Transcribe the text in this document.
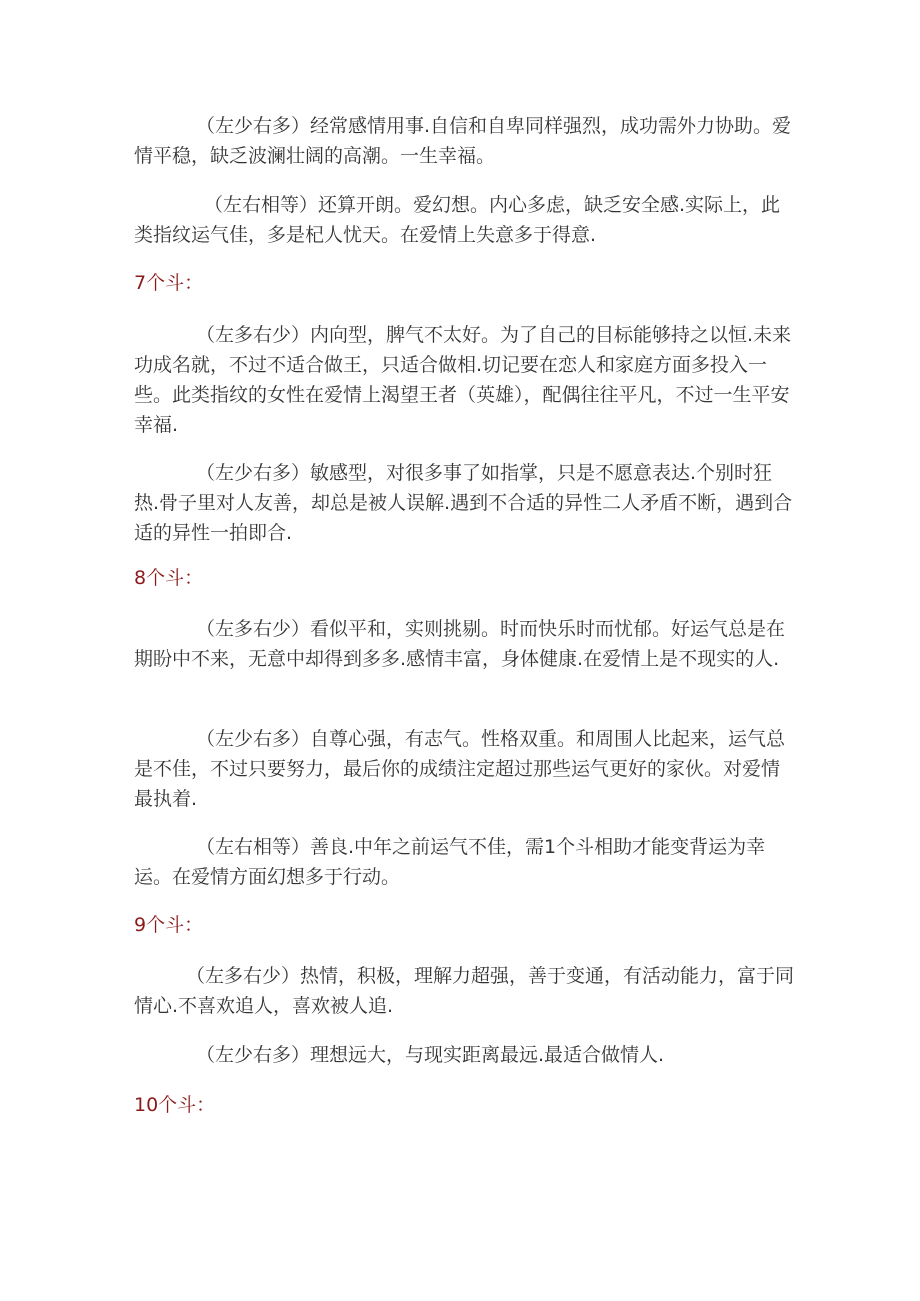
（左少右多）经常感情用事.自信和自卑同样强烈，成功需外力协助。爱情平稳，缺乏波澜壮阔的高潮。一生幸福。

（左右相等）还算开朗。爱幻想。内心多虑，缺乏安全感.实际上，此类指纹运气佳，多是杞人忧天。在爱情上失意多于得意.

7个斗：

（左多右少）内向型，脾气不太好。为了自己的目标能够持之以恒.未来功成名就，不过不适合做王，只适合做相.切记要在恋人和家庭方面多投入一些。此类指纹的女性在爱情上渴望王者（英雄），配偶往往平凡，不过一生平安幸福.

（左少右多）敏感型，对很多事了如指掌，只是不愿意表达.个别时狂热.骨子里对人友善，却总是被人误解.遇到不合适的异性二人矛盾不断，遇到合适的异性一拍即合.

8个斗：

（左多右少）看似平和，实则挑剔。时而快乐时而忧郁。好运气总是在期盼中不来，无意中却得到多多.感情丰富，身体健康.在爱情上是不现实的人.

（左少右多）自尊心强，有志气。性格双重。和周围人比起来，运气总是不佳，不过只要努力，最后你的成绩注定超过那些运气更好的家伙。对爱情最执着.

（左右相等）善良.中年之前运气不佳，需1个斗相助才能变背运为幸运。在爱情方面幻想多于行动。

9个斗：

（左多右少）热情，积极，理解力超强，善于变通，有活动能力，富于同情心.不喜欢追人，喜欢被人追.

（左少右多）理想远大，与现实距离最远.最适合做情人.

10个斗：
